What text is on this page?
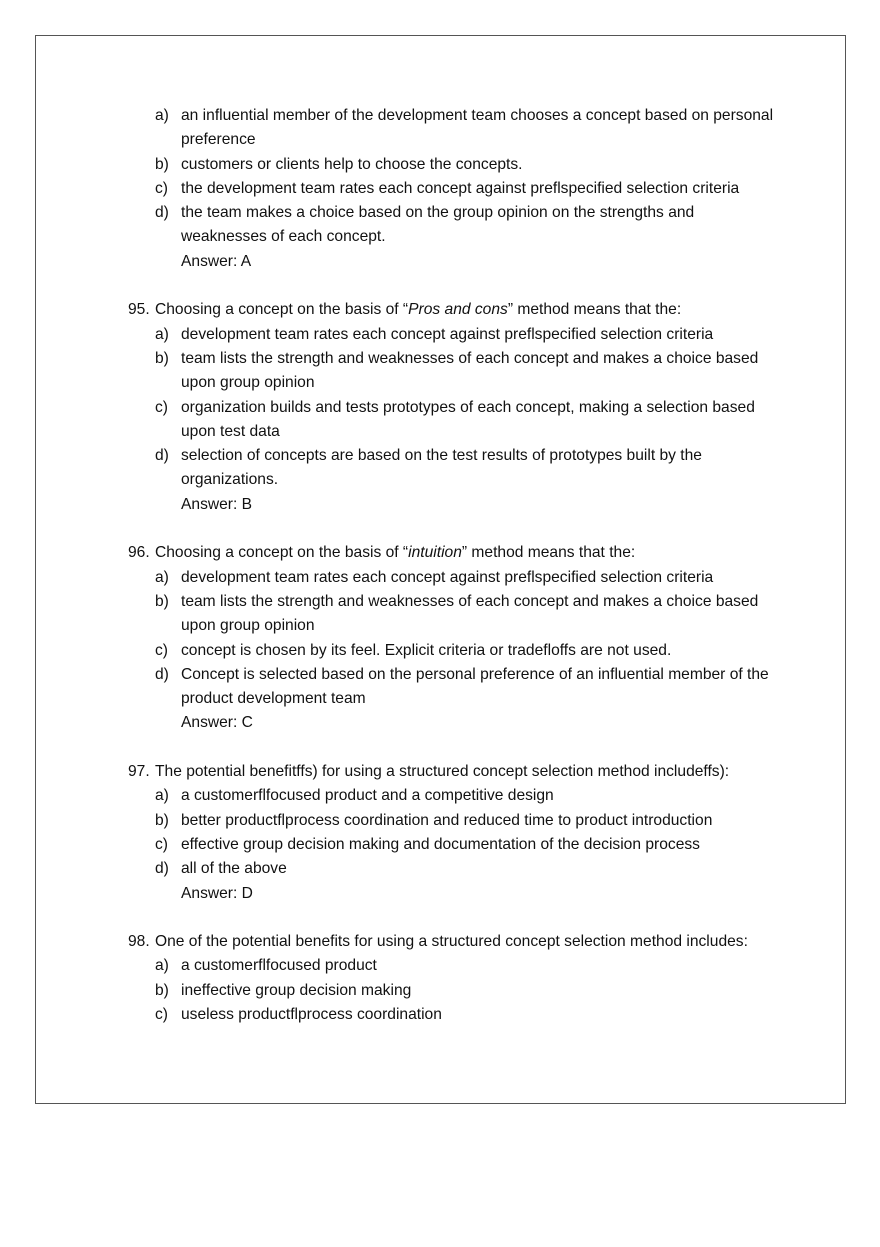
a) an influential member of the development team chooses a concept based on personal preference
b) customers or clients help to choose the concepts.
c) the development team rates each concept against preflspecified selection criteria
d) the team makes a choice based on the group opinion on the strengths and weaknesses of each concept.
Answer: A
95. Choosing a concept on the basis of “Pros and cons” method means that the:
a) development team rates each concept against preflspecified selection criteria
b) team lists the strength and weaknesses of each concept and makes a choice based upon group opinion
c) organization builds and tests prototypes of each concept, making a selection based upon test data
d) selection of concepts are based on the test results of prototypes built by the organizations.
Answer: B
96. Choosing a concept on the basis of “intuition” method means that the:
a) development team rates each concept against preflspecified selection criteria
b) team lists the strength and weaknesses of each concept and makes a choice based upon group opinion
c) concept is chosen by its feel. Explicit criteria or tradefloffs are not used.
d) Concept is selected based on the personal preference of an influential member of the product development team
Answer: C
97. The potential benefitffs) for using a structured concept selection method includeffs):
a) a customerflfocused product and a competitive design
b) better productflprocess coordination and reduced time to product introduction
c) effective group decision making and documentation of the decision process
d) all of the above
Answer: D
98. One of the potential benefits for using a structured concept selection method includes:
a) a customerflfocused product
b) ineffective group decision making
c) useless productflprocess coordination
